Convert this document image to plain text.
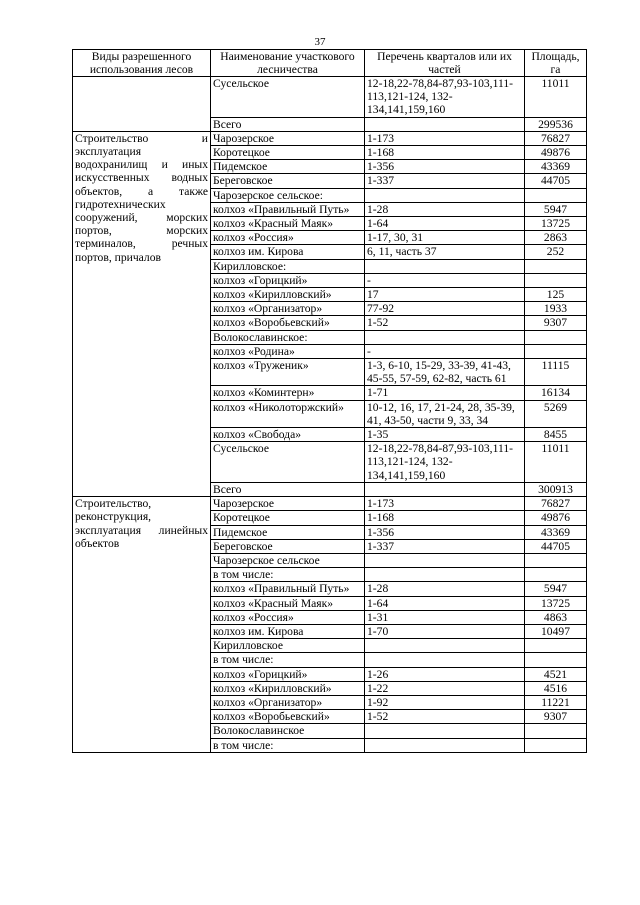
37
Виды разрешенного использования лесов	Наименование участкового лесничества	Перечень кварталов или их частей	Площадь, га
	Сусельское	12-18,22-78,84-87,93-103,111-113,121-124, 132-134,141,159,160	11011
	Всего		299536
Строительство и эксплуатация водохранилищ и иных искусственных водных объектов, а также гидротехнических сооружений, морских портов, морских терминалов, речных портов, причалов	Чарозерское	1-173	76827
	Коротецкое	1-168	49876
	Пидемское	1-356	43369
	Береговское	1-337	44705
	Чарозерское сельское:		
	колхоз «Правильный Путь»	1-28	5947
	колхоз «Красный Маяк»	1-64	13725
	колхоз «Россия»	1-17, 30, 31	2863
	колхоз им. Кирова	6, 11, часть 37	252
	Кирилловское:		
	колхоз «Горицкий»	-	
	колхоз «Кирилловский»	17	125
	колхоз «Организатор»	77-92	1933
	колхоз «Воробьевский»	1-52	9307
	Волокославинское:		
	колхоз «Родина»	-	
	колхоз «Труженик»	1-3, 6-10, 15-29, 33-39, 41-43, 45-55, 57-59, 62-82, часть 61	11115
	колхоз «Коминтерн»	1-71	16134
	колхоз «Николоторжский»	10-12, 16, 17, 21-24, 28, 35-39, 41, 43-50, части 9, 33, 34	5269
	колхоз «Свобода»	1-35	8455
	Сусельское	12-18,22-78,84-87,93-103,111-113,121-124, 132-134,141,159,160	11011
	Всего		300913
Строительство, реконструкция, эксплуатация линейных объектов	Чарозерское	1-173	76827
	Коротецкое	1-168	49876
	Пидемское	1-356	43369
	Береговское	1-337	44705
	Чарозерское сельское		
	в том числе:		
	колхоз «Правильный Путь»	1-28	5947
	колхоз «Красный Маяк»	1-64	13725
	колхоз «Россия»	1-31	4863
	колхоз им. Кирова	1-70	10497
	Кирилловское		
	в том числе:		
	колхоз «Горицкий»	1-26	4521
	колхоз «Кирилловский»	1-22	4516
	колхоз «Организатор»	1-92	11221
	колхоз «Воробьевский»	1-52	9307
	Волокославинское		
	в том числе:		
